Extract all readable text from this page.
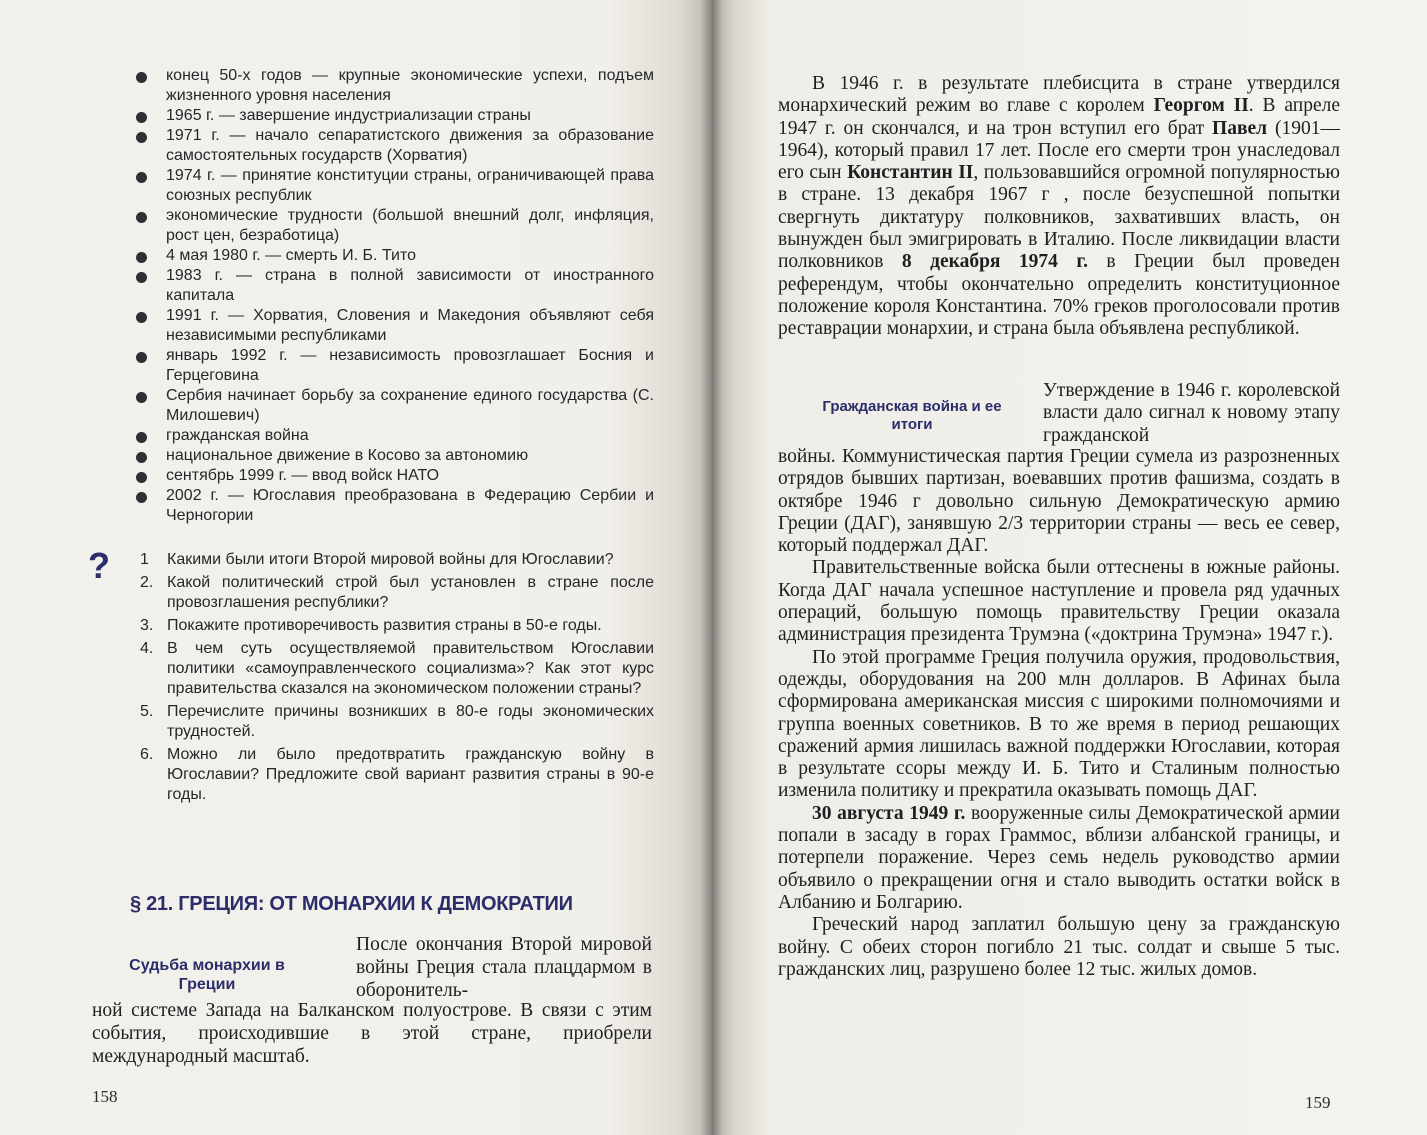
конец 50-х годов — крупные экономические успехи, подъем жизненного уровня населения
1965 г. — завершение индустриализации страны
1971 г. — начало сепаратистского движения за образование самостоятельных государств (Хорватия)
1974 г. — принятие конституции страны, ограничивающей права союзных республик
экономические трудности (большой внешний долг, инфляция, рост цен, безработица)
4 мая 1980 г. — смерть И. Б. Тито
1983 г. — страна в полной зависимости от иностранного капитала
1991 г. — Хорватия, Словения и Македония объявляют себя независимыми республиками
январь 1992 г. — независимость провозглашает Босния и Герцеговина
Сербия начинает борьбу за сохранение единого государства (С. Милошевич)
гражданская война
национальное движение в Косово за автономию
сентябрь 1999 г. — ввод войск НАТО
2002 г. — Югославия преобразована в Федерацию Сербии и Черногории
? 1 Какими были итоги Второй мировой войны для Югославии?
2. Какой политический строй был установлен в стране после провозглашения республики?
3. Покажите противоречивость развития страны в 50-е годы.
4. В чем суть осуществляемой правительством Югославии политики «самоуправленческого социализма»? Как этот курс правительства сказался на экономическом положении страны?
5. Перечислите причины возникших в 80-е годы экономических трудностей.
6. Можно ли было предотвратить гражданскую войну в Югославии? Предложите свой вариант развития страны в 90-е годы.
§ 21. ГРЕЦИЯ: ОТ МОНАРХИИ К ДЕМОКРАТИИ
Судьба монархии в Греции
После окончания Второй мировой войны Греция стала плацдармом в оборонитель-
ной системе Запада на Балканском полуострове. В связи с этим события, происходившие в этой стране, приобрели международный масштаб.
158

В 1946 г. в результате плебисцита в стране утвердился монархический режим во главе с королем Георгом II. В апреле 1947 г. он скончался, и на трон вступил его брат Павел (1901—1964), который правил 17 лет. После его смерти трон унаследовал его сын Константин II, пользовавшийся огромной популярностью в стране. 13 декабря 1967 г , после безуспешной попытки свергнуть диктатуру полковников, захвативших власть, он вынужден был эмигрировать в Италию. После ликвидации власти полковников 8 декабря 1974 г. в Греции был проведен референдум, чтобы окончательно определить конституционное положение короля Константина. 70% греков проголосовали против реставрации монархии, и страна была объявлена республикой.

Гражданская война и ее итоги
Утверждение в 1946 г. королевской власти дало сигнал к новому этапу гражданской

войны. Коммунистическая партия Греции сумела из разрозненных отрядов бывших партизан, воевавших против фашизма, создать в октябре 1946 г довольно сильную Демократическую армию Греции (ДАГ), занявшую 2/3 территории страны — весь ее север, который поддержал ДАГ.

Правительственные войска были оттеснены в южные районы. Когда ДАГ начала успешное наступление и провела ряд удачных операций, большую помощь правительству Греции оказала администрация президента Трумэна («доктрина Трумэна» 1947 г.).

По этой программе Греция получила оружия, продовольствия, одежды, оборудования на 200 млн долларов. В Афинах была сформирована американская миссия с широкими полномочиями и группа военных советников. В то же время в период решающих сражений армия лишилась важной поддержки Югославии, которая в результате ссоры между И. Б. Тито и Сталиным полностью изменила политику и прекратила оказывать помощь ДАГ.

30 августа 1949 г. вооруженные силы Демократической армии попали в засаду в горах Граммос, вблизи албанской границы, и потерпели поражение. Через семь недель руководство армии объявило о прекращении огня и стало выводить остатки войск в Албанию и Болгарию.

Греческий народ заплатил большую цену за гражданскую войну. С обеих сторон погибло 21 тыс. солдат и свыше 5 тыс. гражданских лиц, разрушено более 12 тыс. жилых домов.

159
